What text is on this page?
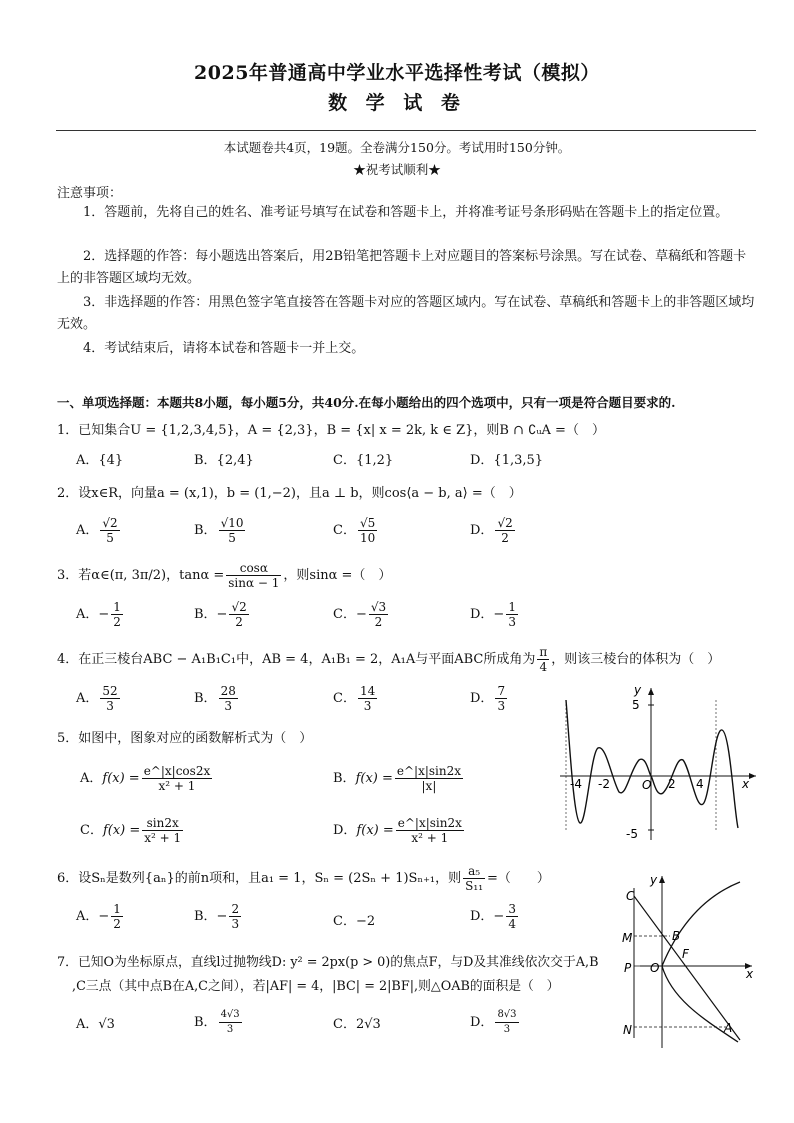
2025年普通高中学业水平选择性考试（模拟）
数 学 试 卷
本试题卷共4页，19题。全卷满分150分。考试用时150分钟。
★祝考试顺利★
注意事项：
1．答题前，先将自己的姓名、准考证号填写在试卷和答题卡上，并将准考证号条形码贴在答题卡上的指定位置。
2．选择题的作答：每小题选出答案后，用2B铅笔把答题卡上对应题目的答案标号涂黑。写在试卷、草稿纸和答题卡上的非答题区域均无效。
3．非选择题的作答：用黑色签字笔直接答在答题卡对应的答题区域内。写在试卷、草稿纸和答题卡上的非答题区域均无效。
4．考试结束后，请将本试卷和答题卡一并上交。
一、单项选择题：本题共8小题，每小题5分，共40分.在每小题给出的四个选项中，只有一项是符合题目要求的.
1．已知集合U = {1,2,3,4,5}，A = {2,3}，B = {x| x = 2k, k ∈ Z}，则B ∩ ∁ᵤA =（　）
A．{4}	B．{2,4}	C．{1,2}	D．{1,3,5}
2．设x∈R，向量a = (x,1)，b = (1,−2)，且a ⊥ b，则cos⟨a − b, a⟩ =（　）
A． $\frac{√2}{5}$	B． $\frac{√10}{5}$	C． $\frac{√5}{10}$	D． $\frac{√2}{2}$
3．若α∈(π, 3π/2)，$\tan\alpha = \frac{\cos\alpha}{\sin\alpha - 1}$ ，则sinα =（　）
A．− $\frac{1}{2}$	B．− $\frac{√2}{2}$	C．− $\frac{√3}{2}$	D．− $\frac{1}{3}$
4．在正三棱台ABC − A₁B₁C₁中，AB = 4，A₁B₁ = 2，A₁A与平面ABC所成角为 $\frac{\pi}{4}$ ，则该三棱台的体积为（　）
A． $\frac{52}{3}$	B． $\frac{28}{3}$	C． $\frac{14}{3}$	D． $\frac{7}{3}$
5．如图中，图象对应的函数解析式为（　）
A．$f(x) = \frac{e\^{}|x|\cos 2x}{\text{x² + 1}}$	B．$f(x) = \frac{e\^{}|x|\sin 2x}{|x|}$
C．$f(x) = \frac{\sin 2x}{\text{x² + 1}}$	D．$f(x) = \frac{e\^{}|x|\sin 2x}{\text{x² + 1}}$
y
5
-5
x
O
-4 -2	2 4
6．设Sₙ是数列{aₙ}的前n项和，且a₁ = 1，Sₙ = (2Sₙ + 1)Sₙ₊₁，则 $\frac{\text{a₅}}{\text{S₁₁}}$ =（　　）
A．− $\frac{1}{2}$	B．− $\frac{2}{3}$	C．−2	D．− $\frac{3}{4}$
7．已知O为坐标原点，直线l过抛物线D: y² = 2px(p > 0)的焦点F，与D及其准线依次交于A,B
,C三点（其中点B在A,C之间），若|AF| = 4，|BC| = 2|BF|,则△OAB的面积是（　）
A．√3	B． $\frac{4√3}{3}$	C．2√3	D． $\frac{8√3}{3}$
C
y
M	B
P O
F
x
N	A
